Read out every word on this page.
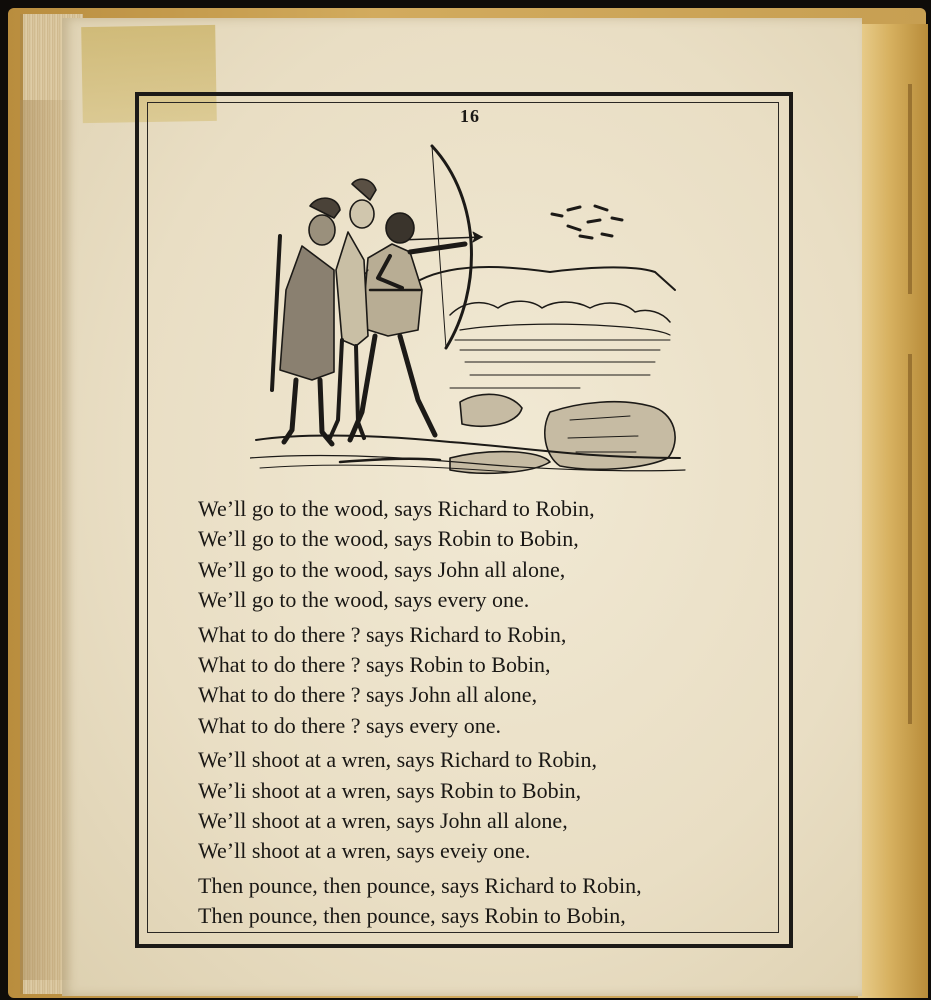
16
We’ll go to the wood, says Richard to Robin,
We’ll go to the wood, says Robin to Bobin,
We’ll go to the wood, says John all alone,
We’ll go to the wood, says every one.
What to do there ? says Richard to Robin,
What to do there ? says Robin to Bobin,
What to do there ? says John all alone,
What to do there ? says every one.
We’ll shoot at a wren, says Richard to Robin,
We’li shoot at a wren, says Robin to Bobin,
We’ll shoot at a wren, says John all alone,
We’ll shoot at a wren, says eveiy one.
Then pounce, then pounce, says Richard to Robin,
Then pounce, then pounce, says Robin to Bobin,
